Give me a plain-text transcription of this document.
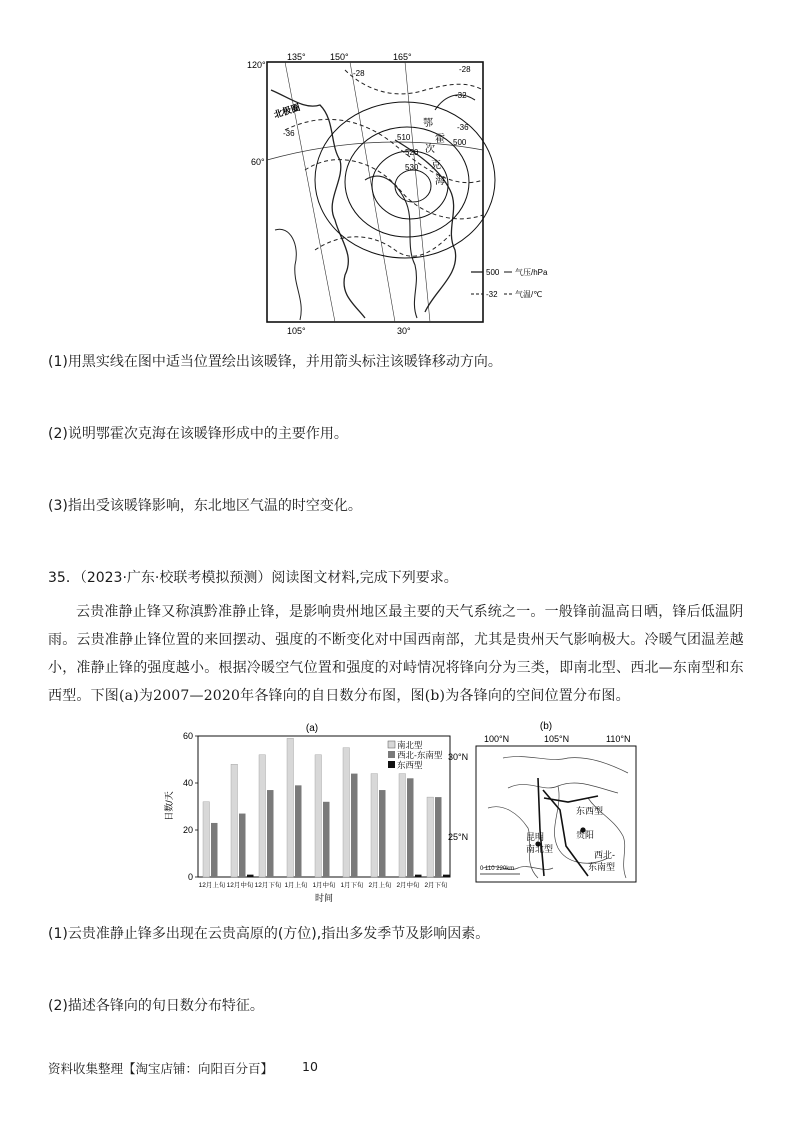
120°
135°	150°	165°
105°	30°
60°
北极圈
鄂
霍
次
克
海
500
510
520
530
-28	-28
-32
-36
-36
500 气压/hPa
-32 气温/℃
(1)用黑实线在图中适当位置绘出该暖锋，并用箭头标注该暖锋移动方向。
(2)说明鄂霍次克海在该暖锋形成中的主要作用。
(3)指出受该暖锋影响，东北地区气温的时空变化。
35．（2023·广东·校联考模拟预测）阅读图文材料,完成下列要求。
云贵准静止锋又称滇黔准静止锋，是影响贵州地区最主要的天气系统之一。一般锋前温高日晒，锋后低温阴雨。云贵准静止锋位置的来回摆动、强度的不断变化对中国西南部，尤其是贵州天气影响极大。冷暖气团温差越小，准静止锋的强度越小。根据冷暖空气位置和强度的对峙情况将锋向分为三类，即南北型、西北—东南型和东西型。下图(a)为2007—2020年各锋向的自日数分布图，图(b)为各锋向的空间位置分布图。
(a)
日数/天
时间
0
20
40
60
12月上旬 12月中旬 12月下旬 1月上旬 1月中旬 1月下旬 2月上旬 2月中旬 2月下旬
南北型
西北-东南型
东西型
(b)
100°N	105°N	110°N
30°N
25°N
东西型
贵阳
昆明
南北型
西北-
东南型
0 110 220km
(1)云贵准静止锋多出现在云贵高原的(方位),指出多发季节及影响因素。
(2)描述各锋向的旬日数分布特征。
资料收集整理【淘宝店铺：向阳百分百】 10
